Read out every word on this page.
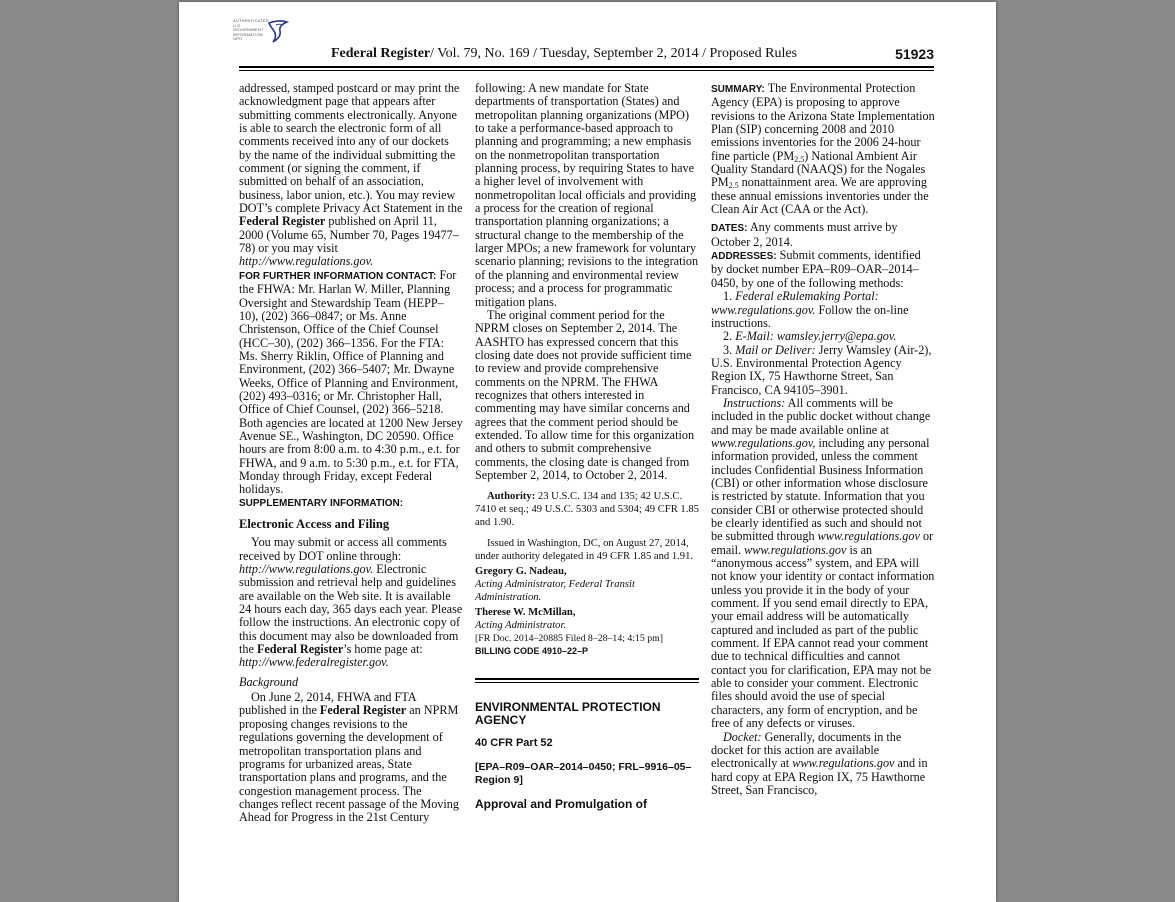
AUTHENTICATED U.S. GOVERNMENT INFORMATION GPO
Federal Register/ Vol. 79, No. 169 / Tuesday, September 2, 2014 / Proposed Rules	51923

addressed, stamped postcard or may print the acknowledgment page that appears after submitting comments electronically. Anyone is able to search the electronic form of all comments received into any of our dockets by the name of the individual submitting the comment (or signing the comment, if submitted on behalf of an association, business, labor union, etc.). You may review DOT’s complete Privacy Act Statement in the Federal Register published on April 11, 2000 (Volume 65, Number 70, Pages 19477–78) or you may visit http://www.regulations.gov.

FOR FURTHER INFORMATION CONTACT: For the FHWA: Mr. Harlan W. Miller, Planning Oversight and Stewardship Team (HEPP–10), (202) 366–0847; or Ms. Anne Christenson, Office of the Chief Counsel (HCC–30), (202) 366–1356. For the FTA: Ms. Sherry Riklin, Office of Planning and Environment, (202) 366–5407; Mr. Dwayne Weeks, Office of Planning and Environment, (202) 493–0316; or Mr. Christopher Hall, Office of Chief Counsel, (202) 366–5218. Both agencies are located at 1200 New Jersey Avenue SE., Washington, DC 20590. Office hours are from 8:00 a.m. to 4:30 p.m., e.t. for FHWA, and 9 a.m. to 5:30 p.m., e.t. for FTA, Monday through Friday, except Federal holidays.

SUPPLEMENTARY INFORMATION:

Electronic Access and Filing

You may submit or access all comments received by DOT online through: http://www.regulations.gov. Electronic submission and retrieval help and guidelines are available on the Web site. It is available 24 hours each day, 365 days each year. Please follow the instructions. An electronic copy of this document may also be downloaded from the Federal Register’s home page at: http://www.federalregister.gov.

Background

On June 2, 2014, FHWA and FTA published in the Federal Register an NPRM proposing changes revisions to the regulations governing the development of metropolitan transportation plans and programs for urbanized areas, State transportation plans and programs, and the congestion management process. The changes reflect recent passage of the Moving Ahead for Progress in the 21st Century

following: A new mandate for State departments of transportation (States) and metropolitan planning organizations (MPO) to take a performance-based approach to planning and programming; a new emphasis on the nonmetropolitan transportation planning process, by requiring States to have a higher level of involvement with nonmetropolitan local officials and providing a process for the creation of regional transportation planning organizations; a structural change to the membership of the larger MPOs; a new framework for voluntary scenario planning; revisions to the integration of the planning and environmental review process; and a process for programmatic mitigation plans.

The original comment period for the NPRM closes on September 2, 2014. The AASHTO has expressed concern that this closing date does not provide sufficient time to review and provide comprehensive comments on the NPRM. The FHWA recognizes that others interested in commenting may have similar concerns and agrees that the comment period should be extended. To allow time for this organization and others to submit comprehensive comments, the closing date is changed from September 2, 2014, to October 2, 2014.

Authority: 23 U.S.C. 134 and 135; 42 U.S.C. 7410 et seq.; 49 U.S.C. 5303 and 5304; 49 CFR 1.85 and 1.90.

Issued in Washington, DC, on August 27, 2014, under authority delegated in 49 CFR 1.85 and 1.91.

Gregory G. Nadeau,

Acting Administrator, Federal Transit Administration.

Therese W. McMillan,

Acting Administrator.

[FR Doc. 2014–20885 Filed 8–28–14; 4:15 pm]

BILLING CODE 4910–22–P

ENVIRONMENTAL PROTECTION AGENCY

40 CFR Part 52

[EPA–R09–OAR–2014–0450; FRL–9916–05–Region 9]

Approval and Promulgation of

SUMMARY: The Environmental Protection Agency (EPA) is proposing to approve revisions to the Arizona State Implementation Plan (SIP) concerning 2008 and 2010 emissions inventories for the 2006 24-hour fine particle $(PM_{2.5})$ National Ambient Air Quality Standard (NAAQS) for the Nogales $PM_{2.5}$ nonattainment area. We are approving these annual emissions inventories under the Clean Air Act (CAA or the Act).

DATES: Any comments must arrive by October 2, 2014.

ADDRESSES: Submit comments, identified by docket number EPA–R09–OAR–2014–0450, by one of the following methods:

1. Federal eRulemaking Portal: www.regulations.gov. Follow the on-line instructions.

2. E-Mail: wamsley.jerry@epa.gov.

3. Mail or Deliver: Jerry Wamsley (Air-2), U.S. Environmental Protection Agency Region IX, 75 Hawthorne Street, San Francisco, CA 94105–3901.

Instructions: All comments will be included in the public docket without change and may be made available online at www.regulations.gov, including any personal information provided, unless the comment includes Confidential Business Information (CBI) or other information whose disclosure is restricted by statute. Information that you consider CBI or otherwise protected should be clearly identified as such and should not be submitted through www.regulations.gov or email. www.regulations.gov is an “anonymous access” system, and EPA will not know your identity or contact information unless you provide it in the body of your comment. If you send email directly to EPA, your email address will be automatically captured and included as part of the public comment. If EPA cannot read your comment due to technical difficulties and cannot contact you for clarification, EPA may not be able to consider your comment. Electronic files should avoid the use of special characters, any form of encryption, and be free of any defects or viruses.

Docket: Generally, documents in the docket for this action are available electronically at www.regulations.gov and in hard copy at EPA Region IX, 75 Hawthorne Street, San Francisco,
